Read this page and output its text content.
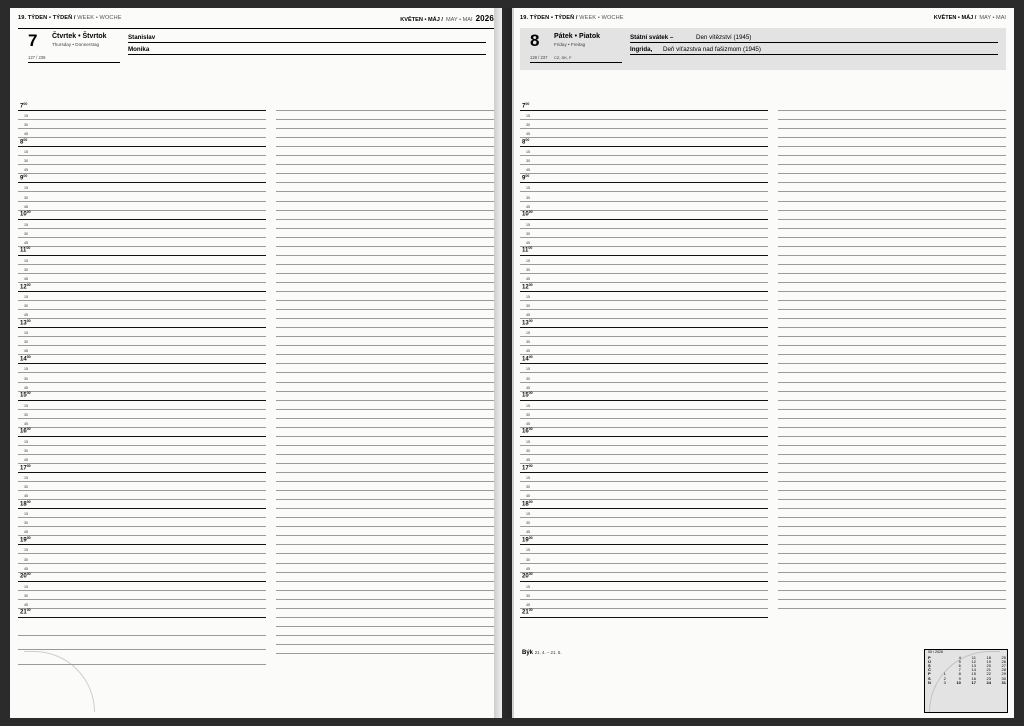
19. TÝDEN • TÝDEŇ / WEEK • WOCHE	KVĚTEN • MÁJ / MAY • MAI 2026
7 Čtvrtek • Štvrtok
Thursday • Donnerstag
127 / 238
Stanislav
Monika
$7^{00}$
15
30
45
$8^{00}$
15
30
45
$9^{00}$
15
30
45
$10^{00}$
15
30
45
$11^{00}$
15
30
45
$12^{00}$
15
30
45
$13^{00}$
15
30
45
$14^{00}$
15
30
45
$15^{00}$
15
30
45
$16^{00}$
15
30
45
$17^{00}$
15
30
45
$18^{00}$
15
30
45
$19^{00}$
15
30
45
$20^{00}$
15
30
45
$21^{00}$
19. TÝDEN • TÝDEŇ / WEEK • WOCHE	KVĚTEN • MÁJ / MAY • MAI
8 Pátek • Piatok
Friday • Freitag
128 / 237 CZ, SK, F
Státní svátek –	Den vítězství (1945)
Ingrida, Deň víťazstva nad fašizmom (1945)
$7^{00}$
15
30
45
$8^{00}$
15
30
45
$9^{00}$
15
30
45
$10^{00}$
15
30
45
$11^{00}$
15
30
45
$12^{00}$
15
30
45
$13^{00}$
15
30
45
$14^{00}$
15
30
45
$15^{00}$
15
30
45
$16^{00}$
15
30
45
$17^{00}$
15
30
45
$18^{00}$
15
30
45
$19^{00}$
15
30
45
$20^{00}$
15
30
45
$21^{00}$
Býk 21. 4. – 21. 5.	05 / 2026
P		4	11	18	25
Ú		5	12	19	26
S		6	13	20	27
Č		7	14	21	28
P	1	8	15	22	29
S	2	9	16	23	30
N	3	10	17	24	31
